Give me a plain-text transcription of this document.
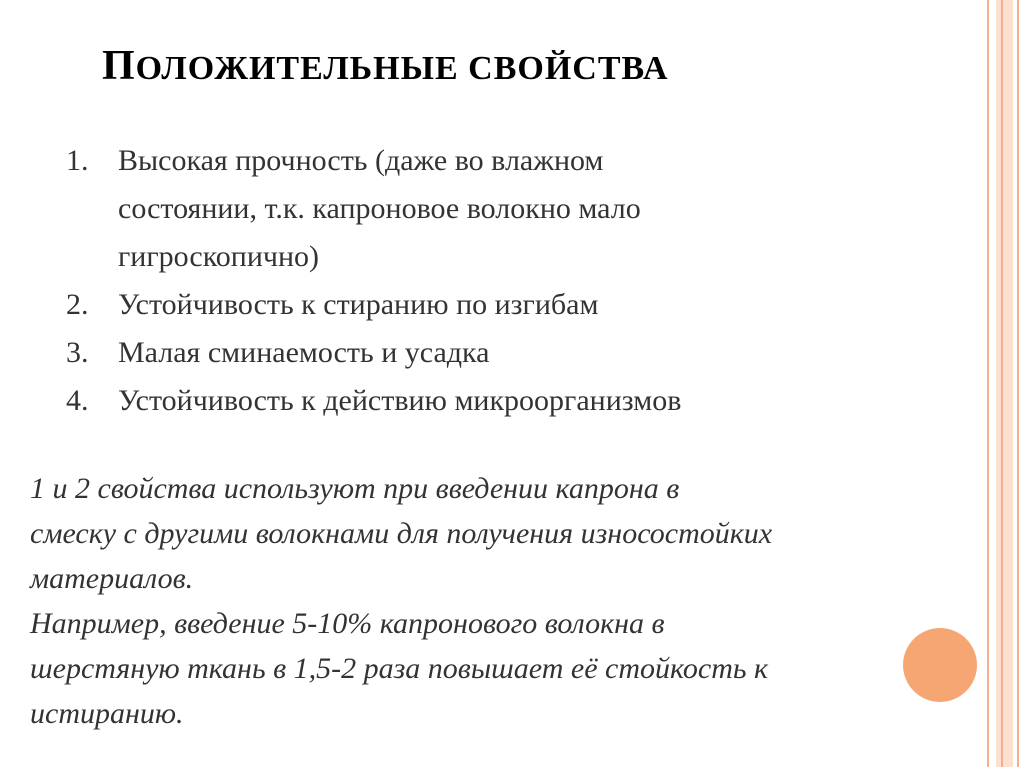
ПОЛОЖИТЕЛЬНЫЕ СВОЙСТВА
1. Высокая прочность (даже во влажном
состоянии, т.к. капроновое волокно мало
гигроскопично)
2. Устойчивость к стиранию по изгибам
3. Малая сминаемость и усадка
4. Устойчивость к действию микроорганизмов
1 и 2 свойства используют при введении капрона в
смеску с другими волокнами для получения износостойких
материалов.
Например, введение 5-10% капронового волокна в
шерстяную ткань в 1,5-2 раза повышает её стойкость к
истиранию.
